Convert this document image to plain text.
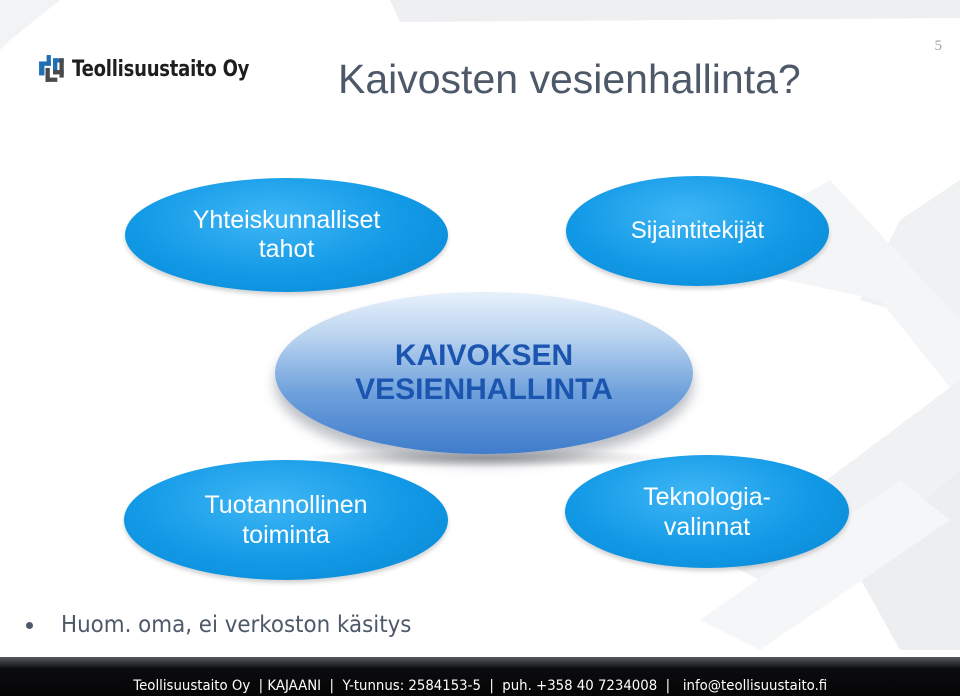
Teollisuustaito Oy Kaivosten vesienhallinta?
5
Yhteiskunnalliset
tahot
Sijaintitekijät
KAIVOKSEN
VESIENHALLINTA
Tuotannollinen
toiminta
Teknologia-
valinnat
Huom. oma, ei verkoston käsitys
Teollisuustaito Oy  | KAJAANI  |  Y-tunnus: 2584153-5  |  puh. +358 40 7234008  |   info@teollisuustaito.fi
